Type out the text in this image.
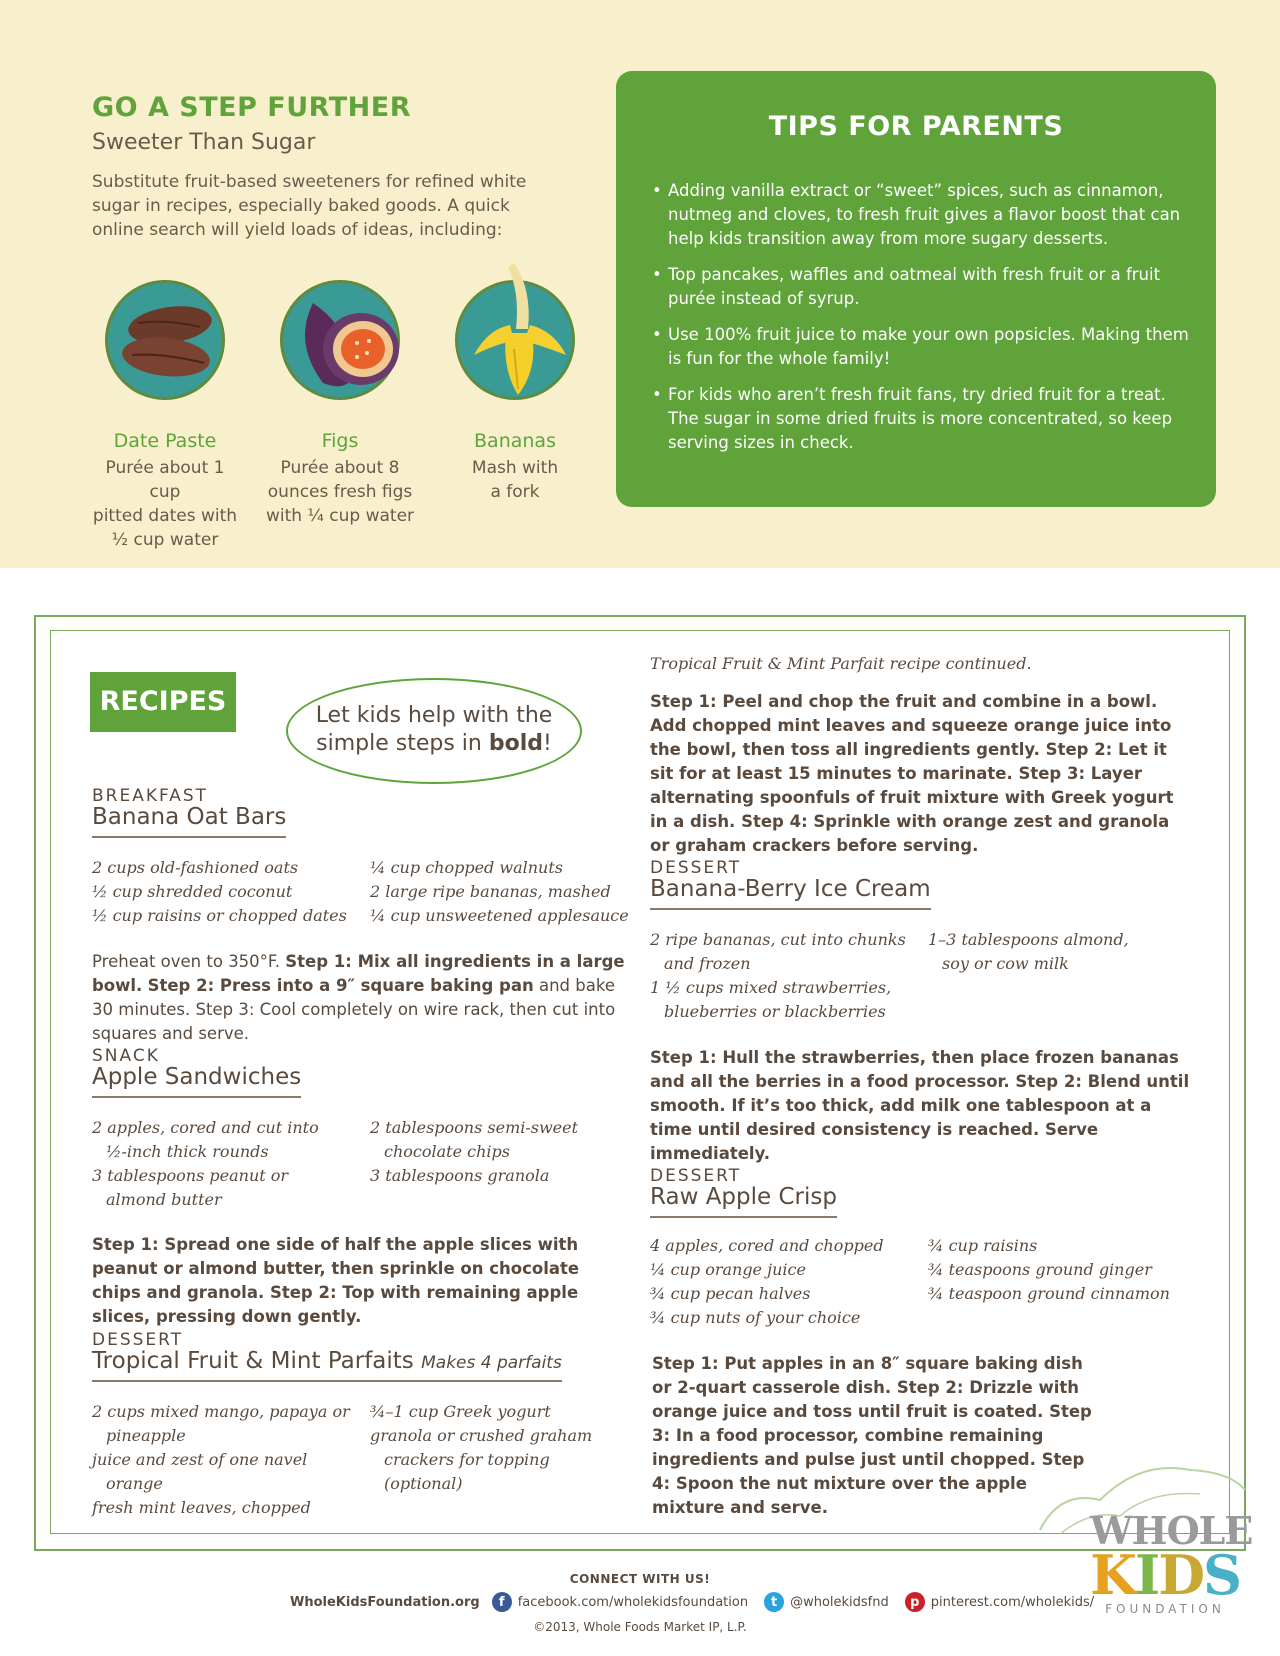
GO A STEP FURTHER
Sweeter Than Sugar
Substitute fruit-based sweeteners for refined white sugar in recipes, especially baked goods. A quick online search will yield loads of ideas, including:
Date Paste
Purée about 1 cup
pitted dates with
½ cup water
Figs
Purée about 8
ounces fresh figs
with ¼ cup water
Bananas
Mash with
a fork
TIPS FOR PARENTS
• Adding vanilla extract or “sweet” spices, such as cinnamon, nutmeg and cloves, to fresh fruit gives a flavor boost that can help kids transition away from more sugary desserts.
• Top pancakes, waffles and oatmeal with fresh fruit or a fruit purée instead of syrup.
• Use 100% fruit juice to make your own popsicles. Making them is fun for the whole family!
• For kids who aren’t fresh fruit fans, try dried fruit for a treat. The sugar in some dried fruits is more concentrated, so keep serving sizes in check.
RECIPES	Let kids help with the
simple steps in bold!
BREAKFAST
Banana Oat Bars
2 cups old-fashioned oats
½ cup shredded coconut
½ cup raisins or chopped dates
¼ cup chopped walnuts
2 large ripe bananas, mashed
¼ cup unsweetened applesauce
Preheat oven to 350°F. Step 1: Mix all ingredients in a large bowl. Step 2: Press into a 9″ square baking pan and bake 30 minutes. Step 3: Cool completely on wire rack, then cut into squares and serve.
SNACK
Apple Sandwiches
2 apples, cored and cut into ½-inch thick rounds
3 tablespoons peanut or almond butter
2 tablespoons semi-sweet chocolate chips
3 tablespoons granola
Step 1: Spread one side of half the apple slices with peanut or almond butter, then sprinkle on chocolate chips and granola. Step 2: Top with remaining apple slices, pressing down gently.
DESSERT
Tropical Fruit & Mint Parfaits Makes 4 parfaits
2 cups mixed mango, papaya or pineapple
juice and zest of one navel orange
fresh mint leaves, chopped
¾–1 cup Greek yogurt
granola or crushed graham crackers for topping (optional)
Tropical Fruit & Mint Parfait recipe continued.
Step 1: Peel and chop the fruit and combine in a bowl. Add chopped mint leaves and squeeze orange juice into the bowl, then toss all ingredients gently. Step 2: Let it sit for at least 15 minutes to marinate. Step 3: Layer alternating spoonfuls of fruit mixture with Greek yogurt in a dish. Step 4: Sprinkle with orange zest and granola or graham crackers before serving.
DESSERT
Banana-Berry Ice Cream
2 ripe bananas, cut into chunks and frozen
1 ½ cups mixed strawberries, blueberries or blackberries
1–3 tablespoons almond, soy or cow milk
Step 1: Hull the strawberries, then place frozen bananas and all the berries in a food processor. Step 2: Blend until smooth. If it’s too thick, add milk one tablespoon at a time until desired consistency is reached. Serve immediately.
DESSERT
Raw Apple Crisp
4 apples, cored and chopped
¼ cup orange juice
¾ cup pecan halves
¾ cup nuts of your choice
¾ cup raisins
¾ teaspoons ground ginger
¾ teaspoon ground cinnamon
Step 1: Put apples in an 8″ square baking dish or 2-quart casserole dish. Step 2: Drizzle with orange juice and toss until fruit is coated. Step 3: In a food processor, combine remaining ingredients and pulse just until chopped. Step 4: Spoon the nut mixture over the apple mixture and serve.
CONNECT WITH US!
WholeKidsFoundation.org	f	facebook.com/wholekidsfoundation	t @wholekidsfnd	p pinterest.com/wholekids/
©2013, Whole Foods Market IP, L.P.
WHOLE
KIDS
FOUNDATION
